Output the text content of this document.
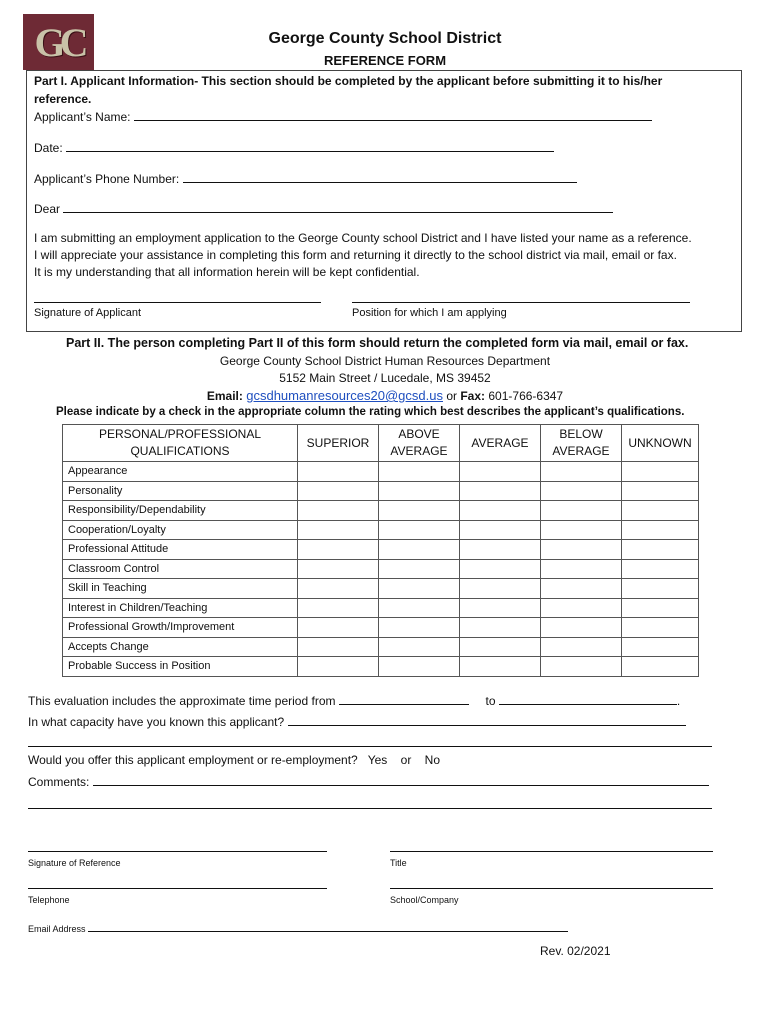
GC	George County School District
REFERENCE FORM
Part I. Applicant Information- This section should be completed by the applicant before submitting it to his/her
reference.
Applicant’s Name:
Date:
Applicant’s Phone Number:
Dear
I am submitting an employment application to the George County school District and I have listed your name as a reference.
I will appreciate your assistance in completing this form and returning it directly to the school district via mail, email or fax.
It is my understanding that all information herein will be kept confidential.
Signature of Applicant	Position for which I am applying
Part II. The person completing Part II of this form should return the completed form via mail, email or fax.
George County School District Human Resources Department
5152 Main Street / Lucedale, MS 39452
Email: gcsdhumanresources20@gcsd.us or Fax: 601-766-6347
Please indicate by a check in the appropriate column the rating which best describes the applicant’s qualifications.
PERSONAL/PROFESSIONAL QUALIFICATIONS	SUPERIOR	ABOVE AVERAGE	AVERAGE	BELOW AVERAGE	UNKNOWN
Appearance					
Personality					
Responsibility/Dependability					
Cooperation/Loyalty					
Professional Attitude					
Classroom Control					
Skill in Teaching					
Interest in Children/Teaching					
Professional Growth/Improvement					
Accepts Change					
Probable Success in Position					
This evaluation includes the approximate time period from	to	.
In what capacity have you known this applicant?
Would you offer this applicant employment or re-employment? Yes or No
Comments:
Signature of Reference	Title
Telephone	School/Company
Email Address
Rev. 02/2021
